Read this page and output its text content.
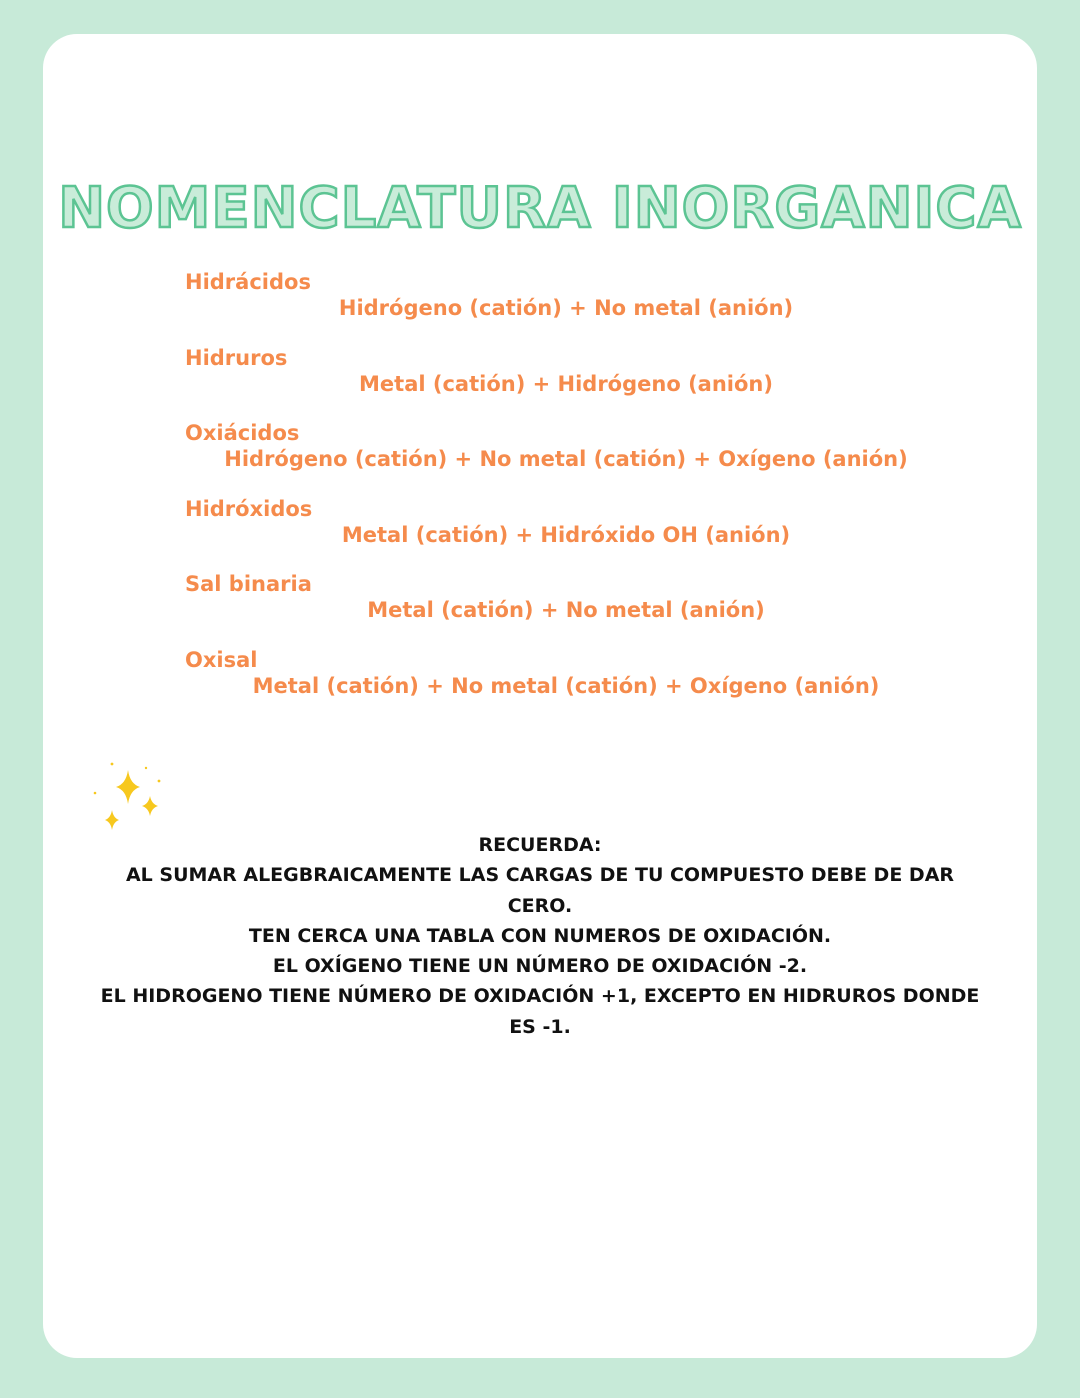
NOMENCLATURA INORGANICA
Hidrácidos
Hidrógeno (catión) + No metal (anión)
Hidruros
Metal (catión) + Hidrógeno (anión)
Oxiácidos
Hidrógeno (catión) + No metal (catión) + Oxígeno (anión)
Hidróxidos
Metal (catión) + Hidróxido OH (anión)
Sal binaria
Metal (catión) + No metal (anión)
Oxisal
Metal (catión) + No metal (catión) + Oxígeno (anión)
RECUERDA:
AL SUMAR ALEGBRAICAMENTE LAS CARGAS DE TU COMPUESTO DEBE DE DAR
CERO.
TEN CERCA UNA TABLA CON NUMEROS DE OXIDACIÓN.
EL OXÍGENO TIENE UN NÚMERO DE OXIDACIÓN -2.
EL HIDROGENO TIENE NÚMERO DE OXIDACIÓN +1, EXCEPTO EN HIDRUROS DONDE
ES -1.
